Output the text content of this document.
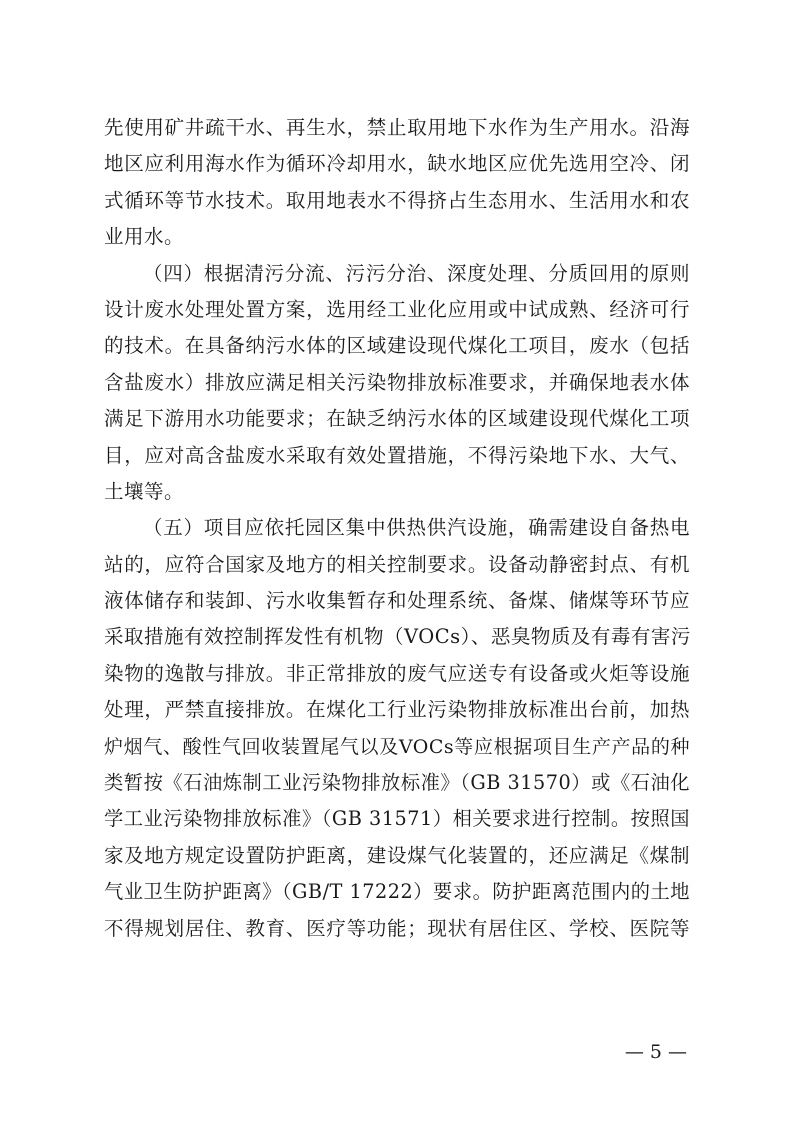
先使用矿井疏干水、再生水，禁止取用地下水作为生产用水。沿海
地区应利用海水作为循环冷却用水，缺水地区应优先选用空冷、闭
式循环等节水技术。取用地表水不得挤占生态用水、生活用水和农
业用水。
（四）根据清污分流、污污分治、深度处理、分质回用的原则
设计废水处理处置方案，选用经工业化应用或中试成熟、经济可行
的技术。在具备纳污水体的区域建设现代煤化工项目，废水（包括
含盐废水）排放应满足相关污染物排放标准要求，并确保地表水体
满足下游用水功能要求；在缺乏纳污水体的区域建设现代煤化工项
目，应对高含盐废水采取有效处置措施，不得污染地下水、大气、
土壤等。
（五）项目应依托园区集中供热供汽设施，确需建设自备热电
站的，应符合国家及地方的相关控制要求。设备动静密封点、有机
液体储存和装卸、污水收集暂存和处理系统、备煤、储煤等环节应
采取措施有效控制挥发性有机物（VOCs）、恶臭物质及有毒有害污
染物的逸散与排放。非正常排放的废气应送专有设备或火炬等设施
处理，严禁直接排放。在煤化工行业污染物排放标准出台前，加热
炉烟气、酸性气回收装置尾气以及VOCs等应根据项目生产产品的种
类暂按《石油炼制工业污染物排放标准》（GB 31570）或《石油化
学工业污染物排放标准》（GB 31571）相关要求进行控制。按照国
家及地方规定设置防护距离，建设煤气化装置的，还应满足《煤制
气业卫生防护距离》（GB/T 17222）要求。防护距离范围内的土地
不得规划居住、教育、医疗等功能；现状有居住区、学校、医院等
— 5 —
